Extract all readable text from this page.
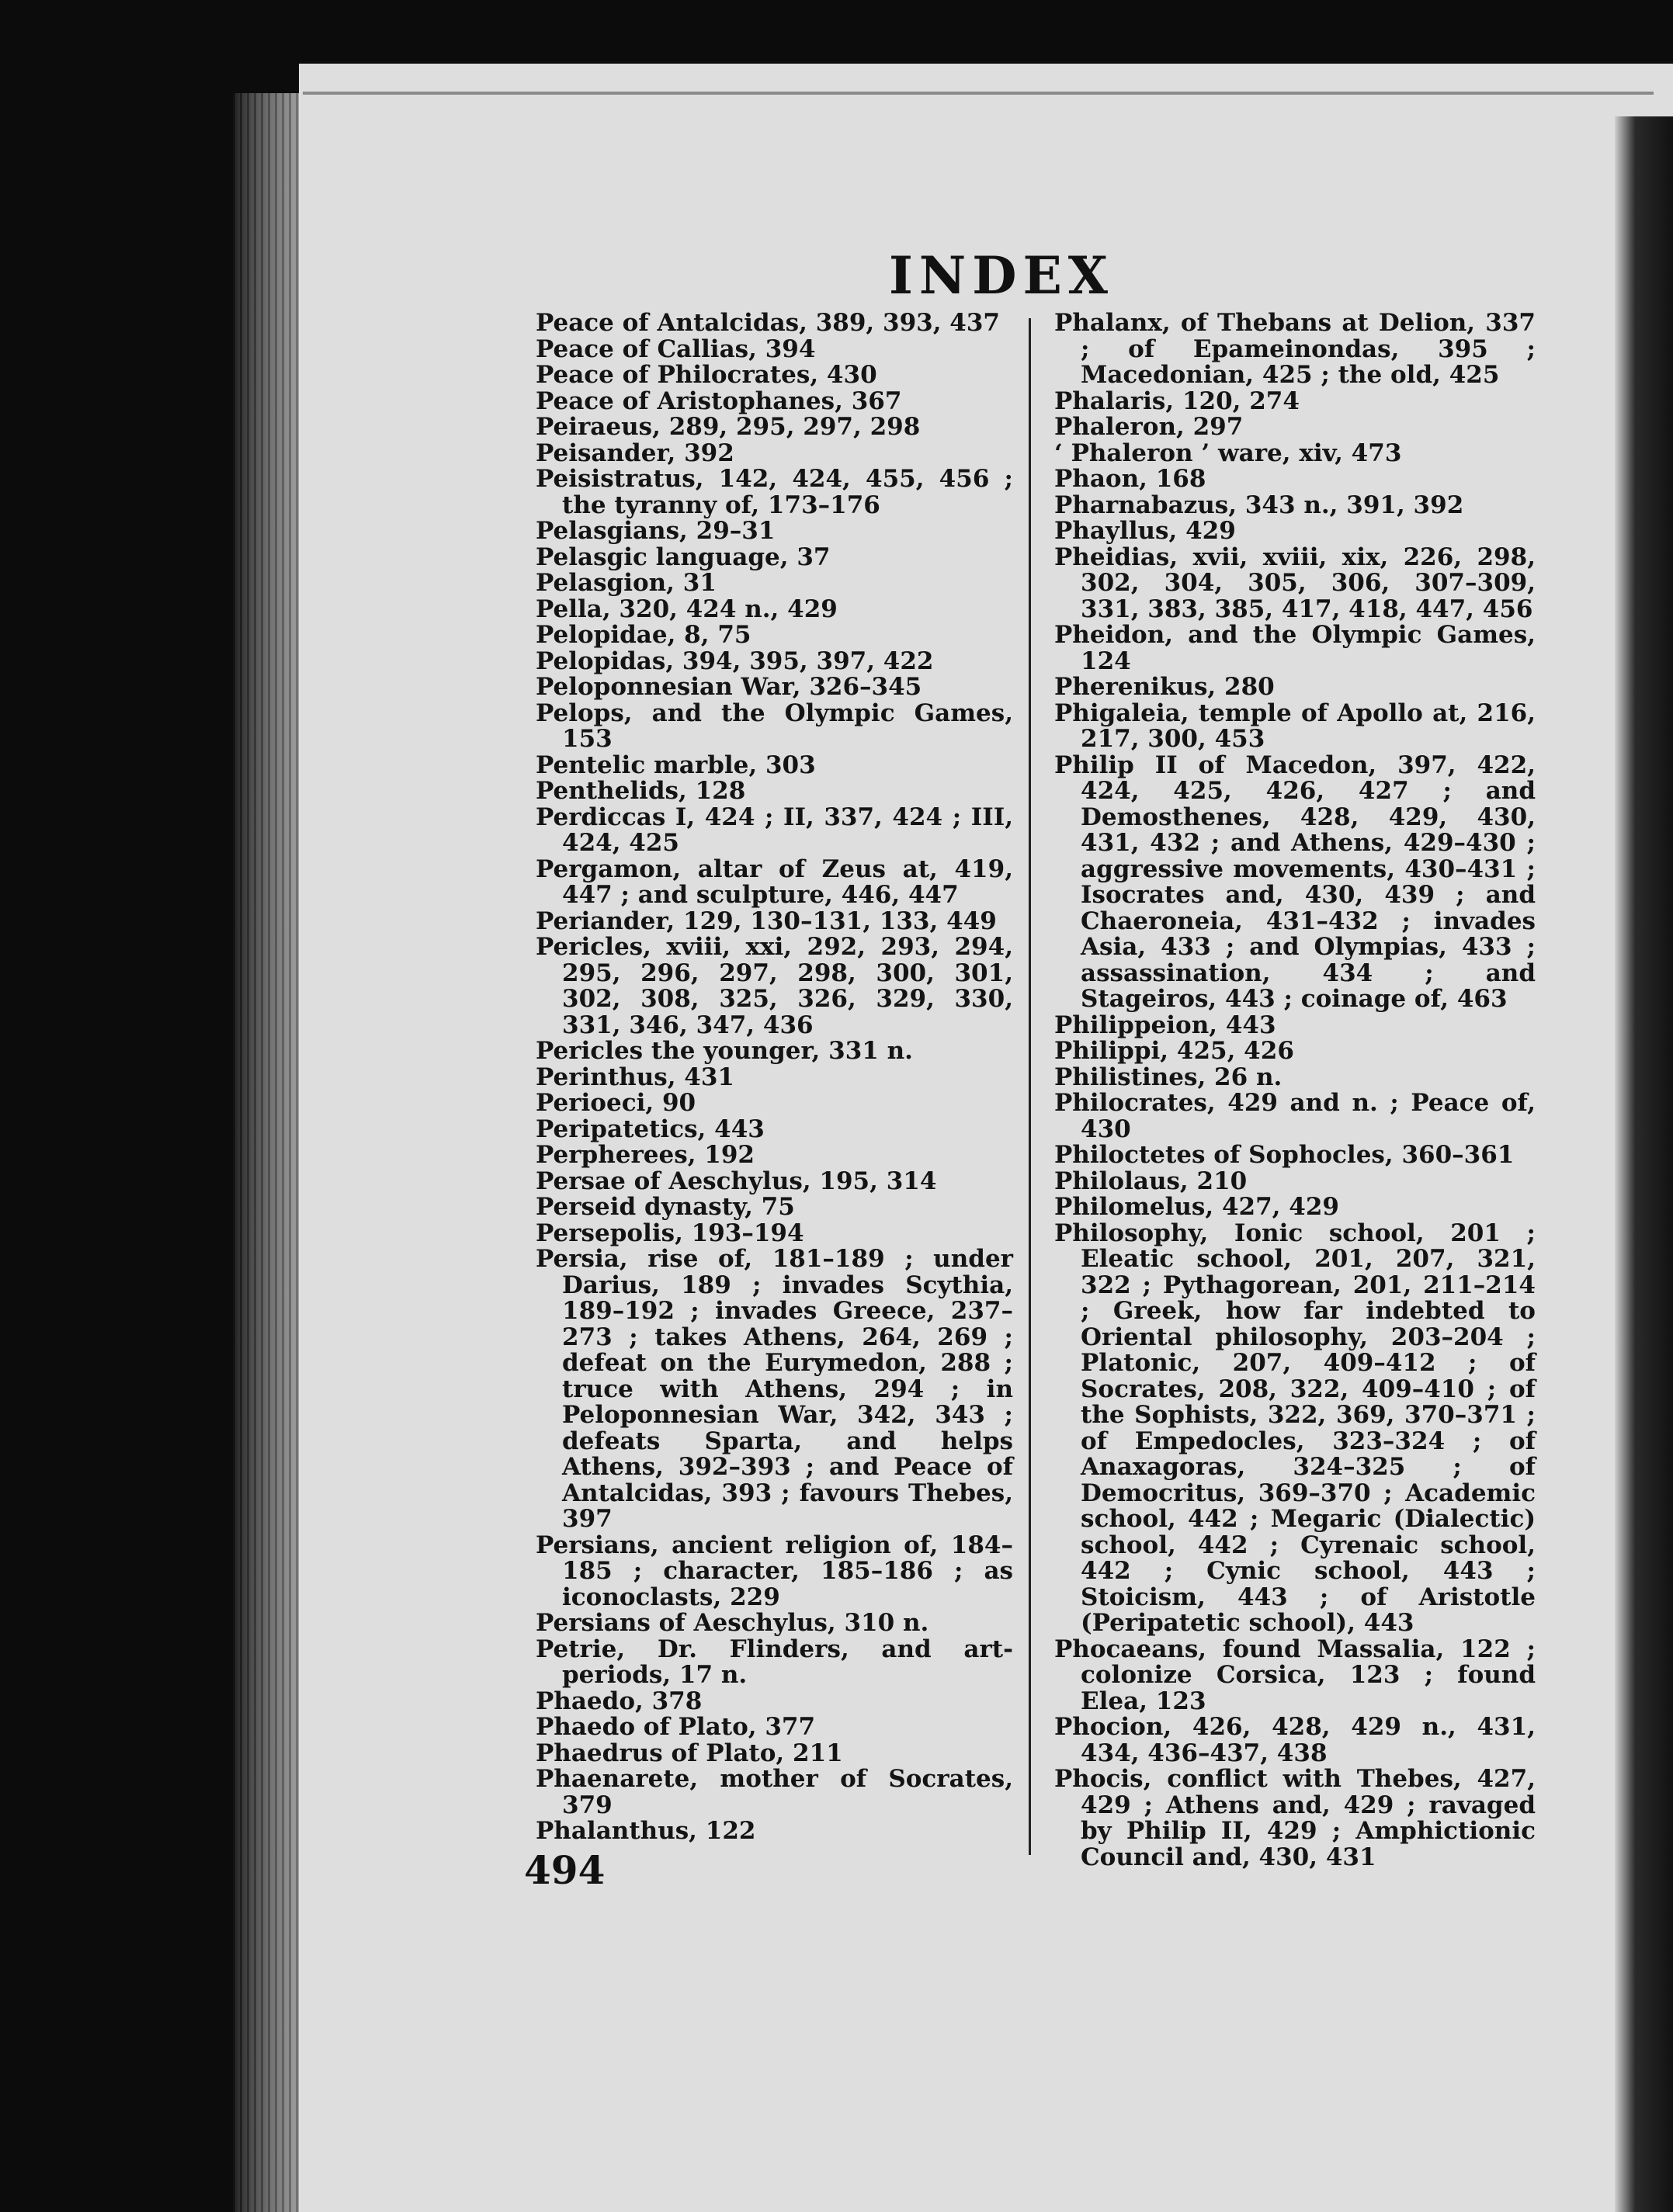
INDEX
Peace of Antalcidas, 389, 393, 437
Peace of Callias, 394
Peace of Philocrates, 430
Peace of Aristophanes, 367
Peiraeus, 289, 295, 297, 298
Peisander, 392
Peisistratus, 142, 424, 455, 456 ; the tyranny of, 173–176
Pelasgians, 29–31
Pelasgic language, 37
Pelasgion, 31
Pella, 320, 424 n., 429
Pelopidae, 8, 75
Pelopidas, 394, 395, 397, 422
Peloponnesian War, 326–345
Pelops, and the Olympic Games, 153
Pentelic marble, 303
Penthelids, 128
Perdiccas I, 424 ; II, 337, 424 ; III, 424, 425
Pergamon, altar of Zeus at, 419, 447 ; and sculpture, 446, 447
Periander, 129, 130–131, 133, 449
Pericles, xviii, xxi, 292, 293, 294, 295, 296, 297, 298, 300, 301, 302, 308, 325, 326, 329, 330, 331, 346, 347, 436
Pericles the younger, 331 n.
Perinthus, 431
Perioeci, 90
Peripatetics, 443
Perpherees, 192
Persae of Aeschylus, 195, 314
Perseid dynasty, 75
Persepolis, 193–194
Persia, rise of, 181–189 ; under Darius, 189 ; invades Scythia, 189–192 ; invades Greece, 237–273 ; takes Athens, 264, 269 ; defeat on the Eurymedon, 288 ; truce with Athens, 294 ; in Peloponnesian War, 342, 343 ; defeats Sparta, and helps Athens, 392–393 ; and Peace of Antalcidas, 393 ; favours Thebes, 397
Persians, ancient religion of, 184–185 ; character, 185–186 ; as iconoclasts, 229
Persians of Aeschylus, 310 n.
Petrie, Dr. Flinders, and art-periods, 17 n.
Phaedo, 378
Phaedo of Plato, 377
Phaedrus of Plato, 211
Phaenarete, mother of Socrates, 379
Phalanthus, 122
Phalanx, of Thebans at Delion, 337 ; of Epameinondas, 395 ; Macedonian, 425 ; the old, 425
Phalaris, 120, 274
Phaleron, 297
‘ Phaleron ’ ware, xiv, 473
Phaon, 168
Pharnabazus, 343 n., 391, 392
Phayllus, 429
Pheidias, xvii, xviii, xix, 226, 298, 302, 304, 305, 306, 307–309, 331, 383, 385, 417, 418, 447, 456
Pheidon, and the Olympic Games, 124
Pherenikus, 280
Phigaleia, temple of Apollo at, 216, 217, 300, 453
Philip II of Macedon, 397, 422, 424, 425, 426, 427 ; and Demosthenes, 428, 429, 430, 431, 432 ; and Athens, 429–430 ; aggressive movements, 430–431 ; Isocrates and, 430, 439 ; and Chaeroneia, 431–432 ; invades Asia, 433 ; and Olympias, 433 ; assassination, 434 ; and Stageiros, 443 ; coinage of, 463
Philippeion, 443
Philippi, 425, 426
Philistines, 26 n.
Philocrates, 429 and n. ; Peace of, 430
Philoctetes of Sophocles, 360–361
Philolaus, 210
Philomelus, 427, 429
Philosophy, Ionic school, 201 ; Eleatic school, 201, 207, 321, 322 ; Pythagorean, 201, 211–214 ; Greek, how far indebted to Oriental philosophy, 203–204 ; Platonic, 207, 409–412 ; of Socrates, 208, 322, 409–410 ; of the Sophists, 322, 369, 370–371 ; of Empedocles, 323–324 ; of Anaxagoras, 324–325 ; of Democritus, 369–370 ; Academic school, 442 ; Megaric (Dialectic) school, 442 ; Cyrenaic school, 442 ; Cynic school, 443 ; Stoicism, 443 ; of Aristotle (Peripatetic school), 443
Phocaeans, found Massalia, 122 ; colonize Corsica, 123 ; found Elea, 123
Phocion, 426, 428, 429 n., 431, 434, 436–437, 438
Phocis, conflict with Thebes, 427, 429 ; Athens and, 429 ; ravaged by Philip II, 429 ; Amphictionic Council and, 430, 431
494
